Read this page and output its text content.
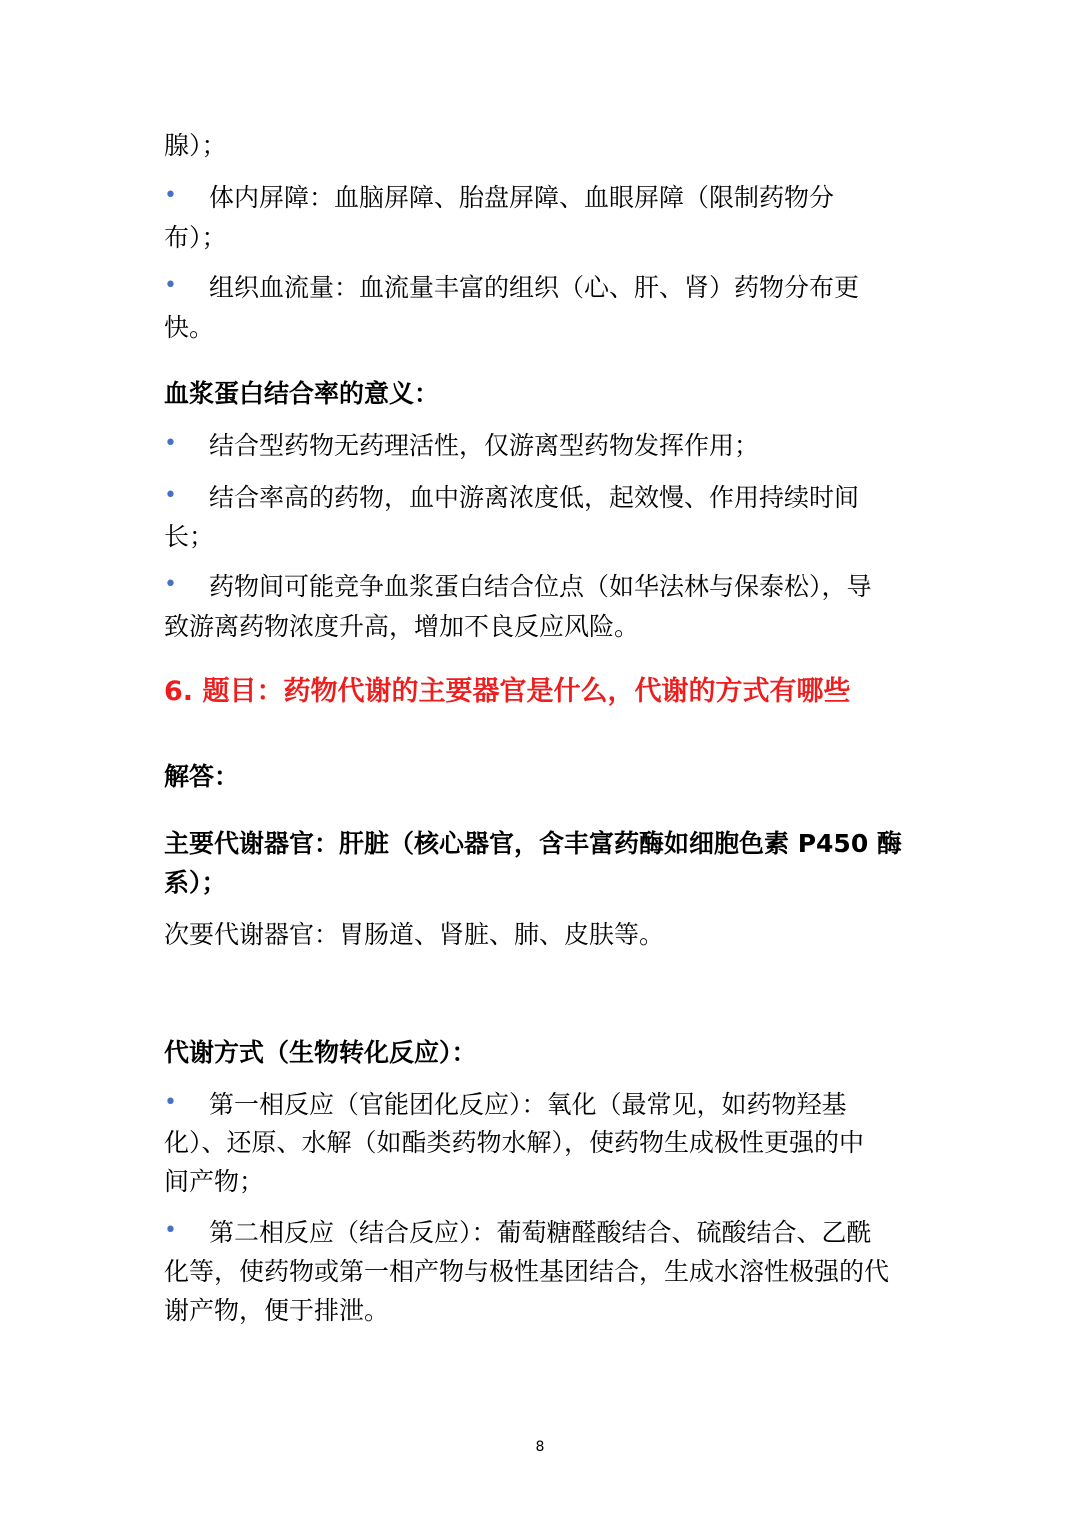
腺）；
• 体内屏障：血脑屏障、胎盘屏障、血眼屏障（限制药物分
布）；
• 组织血流量：血流量丰富的组织（心、肝、肾）药物分布更
快。
血浆蛋白结合率的意义：
• 结合型药物无药理活性，仅游离型药物发挥作用；
• 结合率高的药物，血中游离浓度低，起效慢、作用持续时间
长；
• 药物间可能竞争血浆蛋白结合位点（如华法林与保泰松），导
致游离药物浓度升高，增加不良反应风险。
6. 题目：药物代谢的主要器官是什么，代谢的方式有哪些
解答：
主要代谢器官：肝脏（核心器官，含丰富药酶如细胞色素 P450 酶
系）；
次要代谢器官：胃肠道、肾脏、肺、皮肤等。
代谢方式（生物转化反应）：
• 第一相反应（官能团化反应）：氧化（最常见，如药物羟基
化）、还原、水解（如酯类药物水解），使药物生成极性更强的中
间产物；
• 第二相反应（结合反应）：葡萄糖醛酸结合、硫酸结合、乙酰
化等，使药物或第一相产物与极性基团结合，生成水溶性极强的代
谢产物，便于排泄。
8
